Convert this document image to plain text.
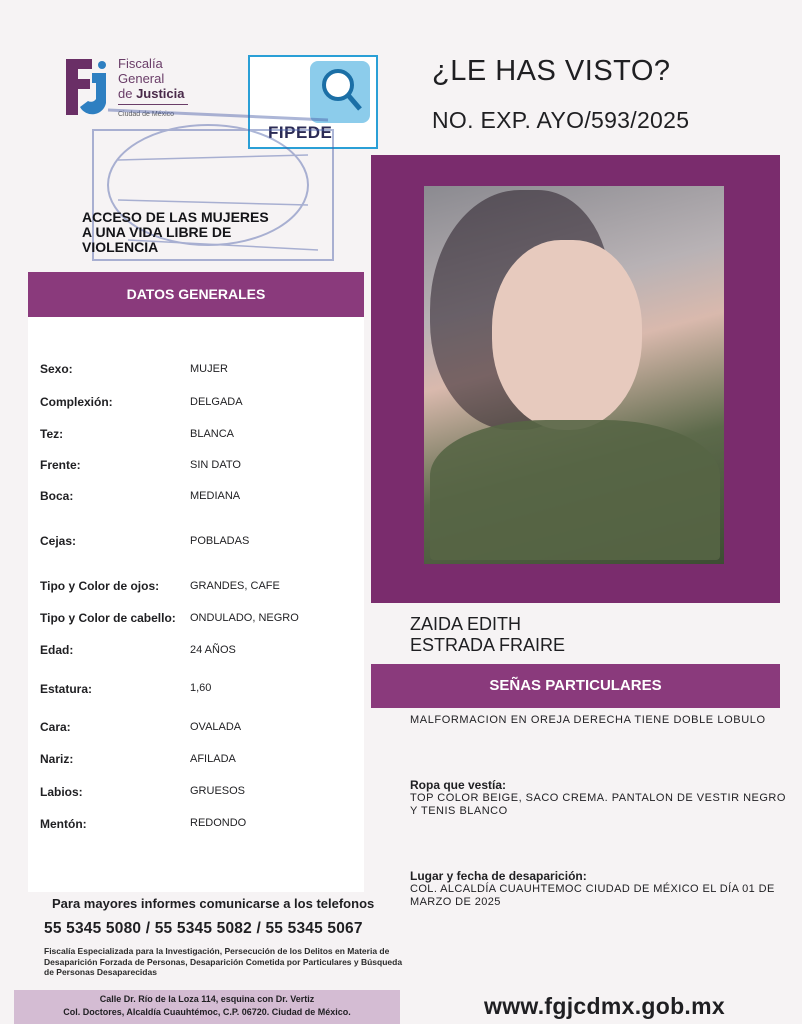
Fiscalía
General
de Justicia
Ciudad de México
FIPEDE
¿LE HAS VISTO?
NO. EXP. AYO/593/2025
ACCESO DE LAS MUJERES
A UNA VIDA LIBRE DE
VIOLENCIA
DATOS GENERALES
Sexo:	MUJER
Complexión:	DELGADA
Tez:	BLANCA
Frente:	SIN DATO
Boca:	MEDIANA
Cejas:	POBLADAS
Tipo y Color de ojos:	GRANDES, CAFE
Tipo y Color de cabello: ONDULADO, NEGRO
Edad:	24 AÑOS
Estatura:	1,60
Cara:	OVALADA
Nariz:	AFILADA
Labios:	GRUESOS
Mentón:	REDONDO
ZAIDA EDITH
ESTRADA FRAIRE
SEÑAS PARTICULARES
MALFORMACION EN OREJA DERECHA TIENE DOBLE LOBULO
Ropa que vestía:
TOP COLOR BEIGE, SACO CREMA. PANTALON DE VESTIR NEGRO Y TENIS BLANCO
Lugar y fecha de desaparición:
COL. ALCALDÍA CUAUHTEMOC CIUDAD DE MÉXICO EL DÍA 01 DE MARZO DE 2025
Para mayores informes comunicarse a los telefonos
55 5345 5080 / 55 5345 5082 / 55 5345 5067
Fiscalía Especializada para la Investigación, Persecución de los Delitos en Materia de Desaparición Forzada de Personas, Desaparición Cometida por Particulares y Búsqueda de Personas Desaparecidas
Calle Dr. Río de la Loza 114, esquina con Dr. Vertiz
Col. Doctores, Alcaldía Cuauhtémoc, C.P. 06720. Ciudad de México.	www.fgjcdmx.gob.mx
